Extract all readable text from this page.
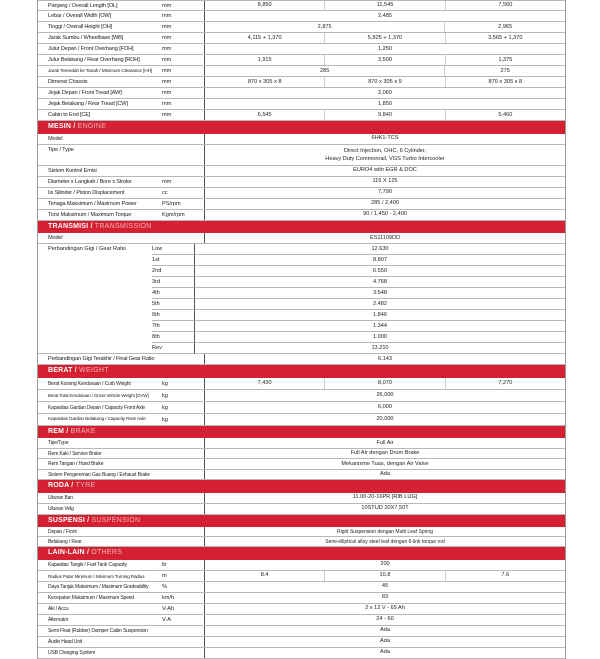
Panjang / Overall Length [OL]	mm	8,850	11,545	7,560
Lebar / Overall Width [OW]	mm	2,485
Tinggi / Overall Height [OH]	mm	2,875	2,965
Jarak Sumbu / Wheelbase [WB]	mm	4,115 + 1,370	5,825 + 1,370	3,565 + 1,370
Julur Depan / Front Overhang [FOH]	mm	1,250
Julur Belakang / Rear Overhang [ROH]	mm	1,915	3,500	1,375
Jarak Terendah ke Tanah / Minimum Clearance [HH]	mm	285	275
Dimensi Chassis	mm	870 x 305 x 8	870 x 305 x 9	870 x 305 x 8
Jejak Depan / Front Tread [AW]	mm	2,060
Jejak Belakang / Rear Tread [CW]	mm	1,850
Cabin to End [CE]	mm	6,545	9,840	5,460
MESIN / ENGINE
Model	6HK1-TCS
Tipe / Type	Direct Injection, OHC, 6 Cylinder,
Heavy Duty Commonrail, VGS Turbo Intercooler
Sistem Kontrol Emisi	EURO4 with EGR & DOC
Diameter x Langkah / Bore x Stroke	mm	115 X 125
Isi Silinder / Piston Displacement	cc	7,790
Tenaga Maksimum / Maximum Power	PS/rpm	285 / 2,400
Torsi Maksimum / Maximum Torque	Kgm/rpm	90 / 1,450 - 2,400
TRANSMISI / TRANSMISSION
Model	ES11109DD
Perbandingan Gigi / Gear Ratio	Low	12.630
1st	8.807
2nd	6.550
3rd	4.768
4th	3.548
5th	2.482
6th	1.846
7th	1.344
8th	1.000
Rev	13.210
Perbandingan Gigi Terakhir / Final Gear Ratio	6.143
BERAT / WEIGHT
Berat Kosong Kendaraan / Curb Weight	kg	7,430	8,070	7,270
Berat Total Kendaraan / Gross Vehicle Weight [GVW]	kg	26,000
Kapasitas Gardan Depan / Capacity Front Axle	kg	6,000
Kapasitas Gardan Belakang / Capacity Rear Axle	kg	20,000
REM / BRAKE
Tipe/Type	Full Air
Rem Kaki / Service Brake	Full Air dengan Drum Brake
Rem Tangan / Hand Brake	Mekanisme Tuas, dengan Air Valve
Sistem Pengereman Gas Buang / Exhaust Brake	Ada
RODA / TYRE
Ukuran Ban	11.00-20-16PR [RIB LUG]
Ukuran Velg	10STUD 20X7.50T
SUSPENSI / SUSPENSION
Depan / Front	Rigid Suspension dengan Multi Leaf Spring
Belakang / Rear	Semi-elliptical alloy steel leaf dengan 6-link torque rod
LAIN-LAIN / OTHERS
Kapasitas Tangki / Fuel Tank Capacity	ltr	200
Radius Putar Minimum / Minimum Turning Radius	m	8.4	10.8	7.6
Daya Tanjak Maksimum / Maximum Gradeability	%	45
Kecepatan Maksimum / Maximum Speed	km/h	83
Aki / Accu	V-Ah	2 x 12 V - 65 Ah
Alternator	V-A	24 - 60
Semi Float (Rubber) Damper Cabin Suspension	Ada
Audio Head Unit	Ada
USB Charging System	Ada
